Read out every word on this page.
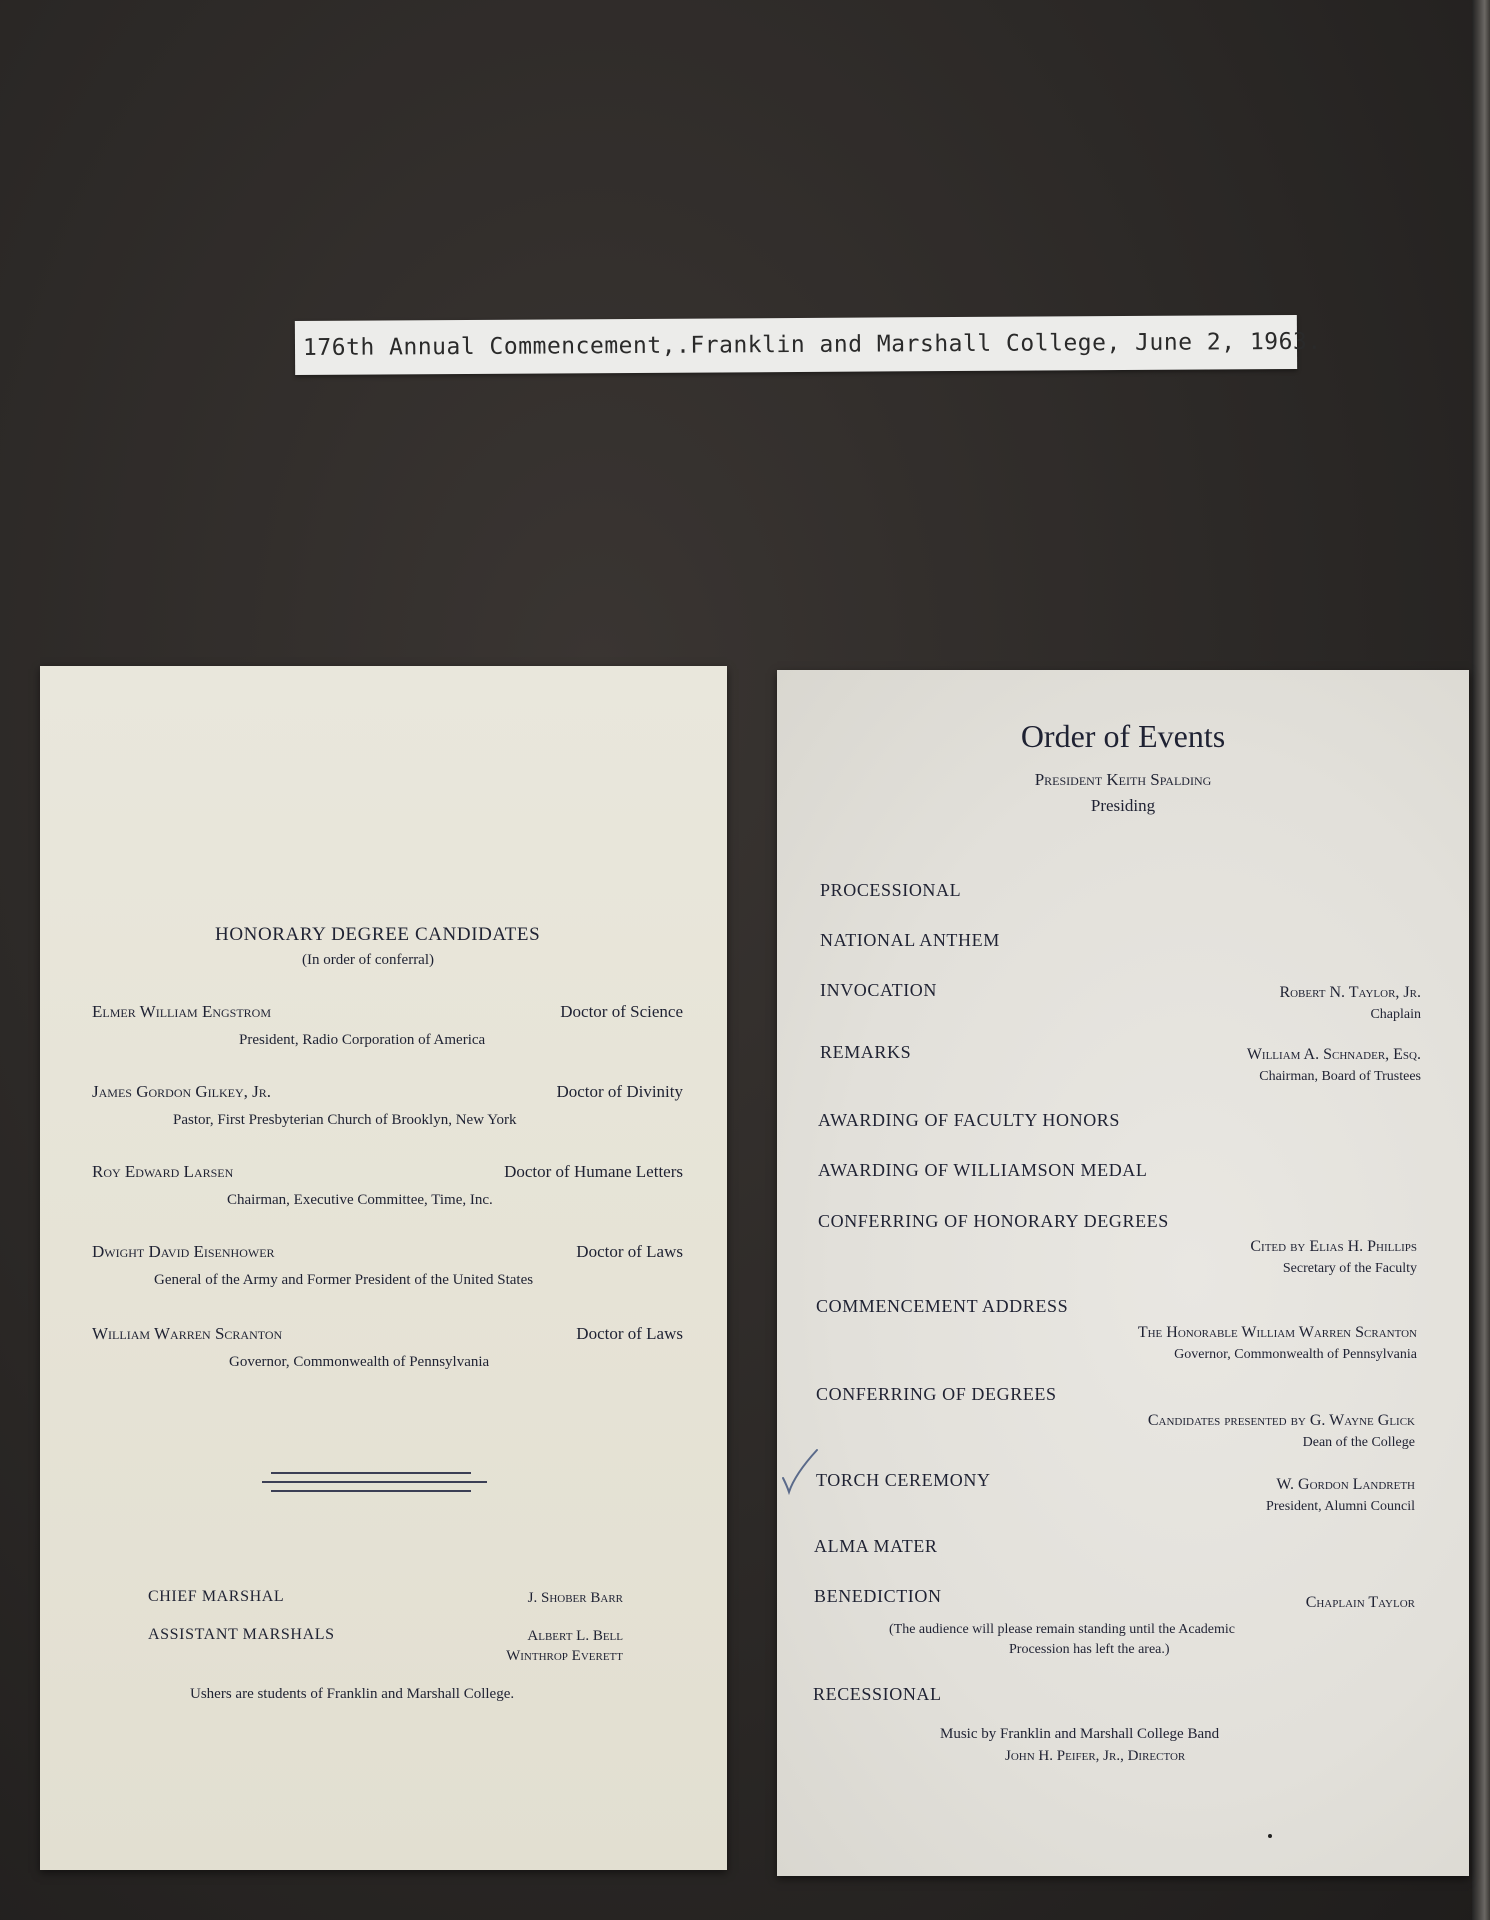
176th Annual Commencement,.Franklin and Marshall College, June 2, 1963.
HONORARY DEGREE CANDIDATES
(In order of conferral)
Elmer William Engstrom	Doctor of Science
President, Radio Corporation of America
James Gordon Gilkey, Jr.	Doctor of Divinity
Pastor, First Presbyterian Church of Brooklyn, New York
Roy Edward Larsen	Doctor of Humane Letters
Chairman, Executive Committee, Time, Inc.
Dwight David Eisenhower	Doctor of Laws
General of the Army and Former President of the United States
William Warren Scranton	Doctor of Laws
Governor, Commonwealth of Pennsylvania
CHIEF MARSHAL	J. Shober Barr
ASSISTANT MARSHALS	Albert L. Bell
Winthrop Everett
Ushers are students of Franklin and Marshall College.
Order of Events
President Keith Spalding
Presiding
PROCESSIONAL
NATIONAL ANTHEM
INVOCATION	Robert N. Taylor, Jr.
Chaplain
REMARKS	William A. Schnader, Esq.
Chairman, Board of Trustees
AWARDING OF FACULTY HONORS
AWARDING OF WILLIAMSON MEDAL
CONFERRING OF HONORARY DEGREES
Cited by Elias H. Phillips
Secretary of the Faculty
COMMENCEMENT ADDRESS
The Honorable William Warren Scranton
Governor, Commonwealth of Pennsylvania
CONFERRING OF DEGREES
Candidates presented by G. Wayne Glick
Dean of the College
TORCH CEREMONY	W. Gordon Landreth
President, Alumni Council
ALMA MATER
BENEDICTION	Chaplain Taylor
(The audience will please remain standing until the Academic
Procession has left the area.)
RECESSIONAL
Music by Franklin and Marshall College Band
John H. Peifer, Jr., Director
